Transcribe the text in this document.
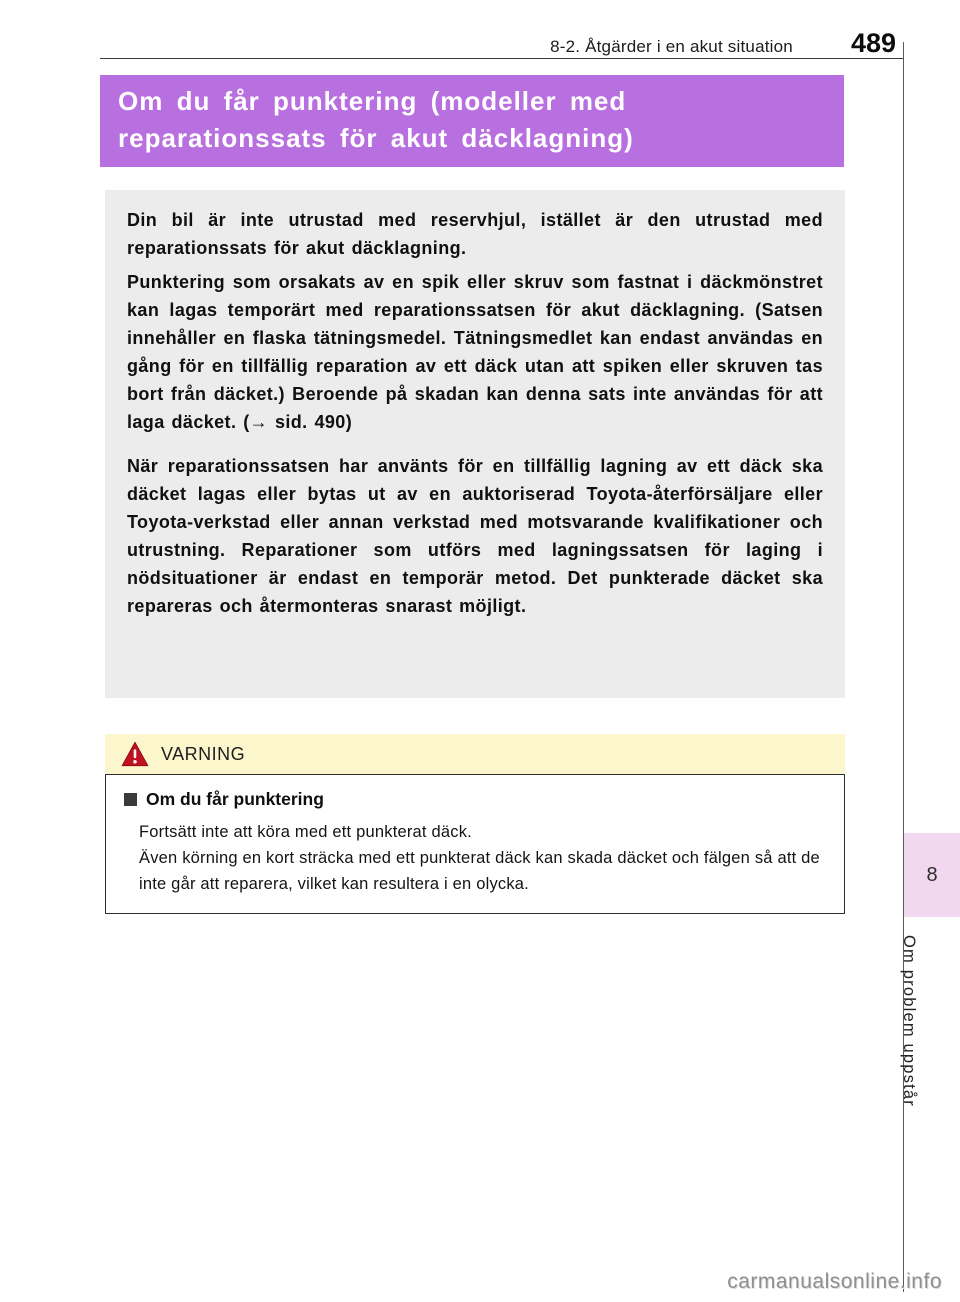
8-2. Åtgärder i en akut situation 489
Om du får punktering (modeller med
reparationssats för akut däcklagning)

Din bil är inte utrustad med reservhjul, istället är den utrustad med reparationssats för akut däcklagning.

Punktering som orsakats av en spik eller skruv som fastnat i däckmönstret kan lagas temporärt med reparationssatsen för akut däcklagning. (Satsen innehåller en flaska tätningsmedel. Tätningsmedlet kan endast användas en gång för en tillfällig reparation av ett däck utan att spiken eller skruven tas bort från däcket.) Beroende på skadan kan denna sats inte användas för att laga däcket. (→ sid. 490)

När reparationssatsen har använts för en tillfällig lagning av ett däck ska däcket lagas eller bytas ut av en auktoriserad Toyota-återförsäljare eller Toyota-verkstad eller annan verkstad med motsvarande kvalifikationer och utrustning. Reparationer som utförs med lagningssatsen för laging i nödsituationer är endast en temporär metod. Det punkterade däcket ska repareras och återmonteras snarast möjligt.

VARNING
Om du får punktering

Fortsätt inte att köra med ett punkterat däck.

Även körning en kort sträcka med ett punkterat däck kan skada däcket och fälgen så att de inte går att reparera, vilket kan resultera i en olycka.	8
Om problem uppstår
carmanualsonline.info
